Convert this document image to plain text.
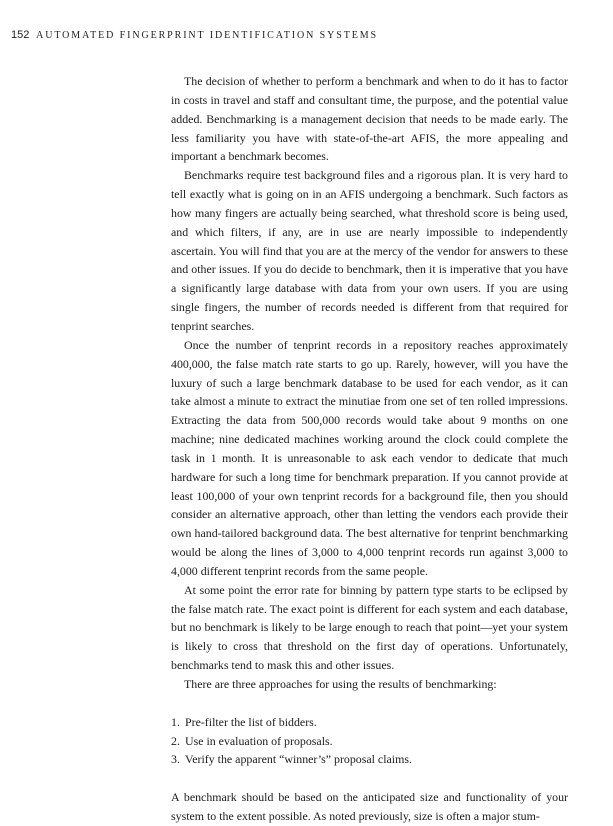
152 AUTOMATED FINGERPRINT IDENTIFICATION SYSTEMS

The decision of whether to perform a benchmark and when to do it has to factor in costs in travel and staff and consultant time, the purpose, and the potential value added. Benchmarking is a management decision that needs to be made early. The less familiarity you have with state-of-the-art AFIS, the more appealing and important a benchmark becomes.

Benchmarks require test background files and a rigorous plan. It is very hard to tell exactly what is going on in an AFIS undergoing a benchmark. Such factors as how many fingers are actually being searched, what threshold score is being used, and which filters, if any, are in use are nearly impossible to independently ascertain. You will find that you are at the mercy of the vendor for answers to these and other issues. If you do decide to benchmark, then it is imperative that you have a significantly large database with data from your own users. If you are using single fingers, the number of records needed is different from that required for tenprint searches.

Once the number of tenprint records in a repository reaches approximately 400,000, the false match rate starts to go up. Rarely, however, will you have the luxury of such a large benchmark database to be used for each vendor, as it can take almost a minute to extract the minutiae from one set of ten rolled impressions. Extracting the data from 500,000 records would take about 9 months on one machine; nine dedicated machines working around the clock could complete the task in 1 month. It is unreasonable to ask each vendor to dedicate that much hardware for such a long time for benchmark preparation. If you cannot provide at least 100,000 of your own tenprint records for a background file, then you should consider an alternative approach, other than letting the vendors each provide their own hand-tailored background data. The best alternative for tenprint benchmarking would be along the lines of 3,000 to 4,000 tenprint records run against 3,000 to 4,000 different tenprint records from the same people.

At some point the error rate for binning by pattern type starts to be eclipsed by the false match rate. The exact point is different for each system and each database, but no benchmark is likely to be large enough to reach that point—yet your system is likely to cross that threshold on the first day of operations. Unfortunately, benchmarks tend to mask this and other issues.

There are three approaches for using the results of benchmarking:

1. Pre-filter the list of bidders.
2. Use in evaluation of proposals.
3. Verify the apparent “winner’s” proposal claims.

A benchmark should be based on the anticipated size and functionality of your system to the extent possible. As noted previously, size is often a major stum-
